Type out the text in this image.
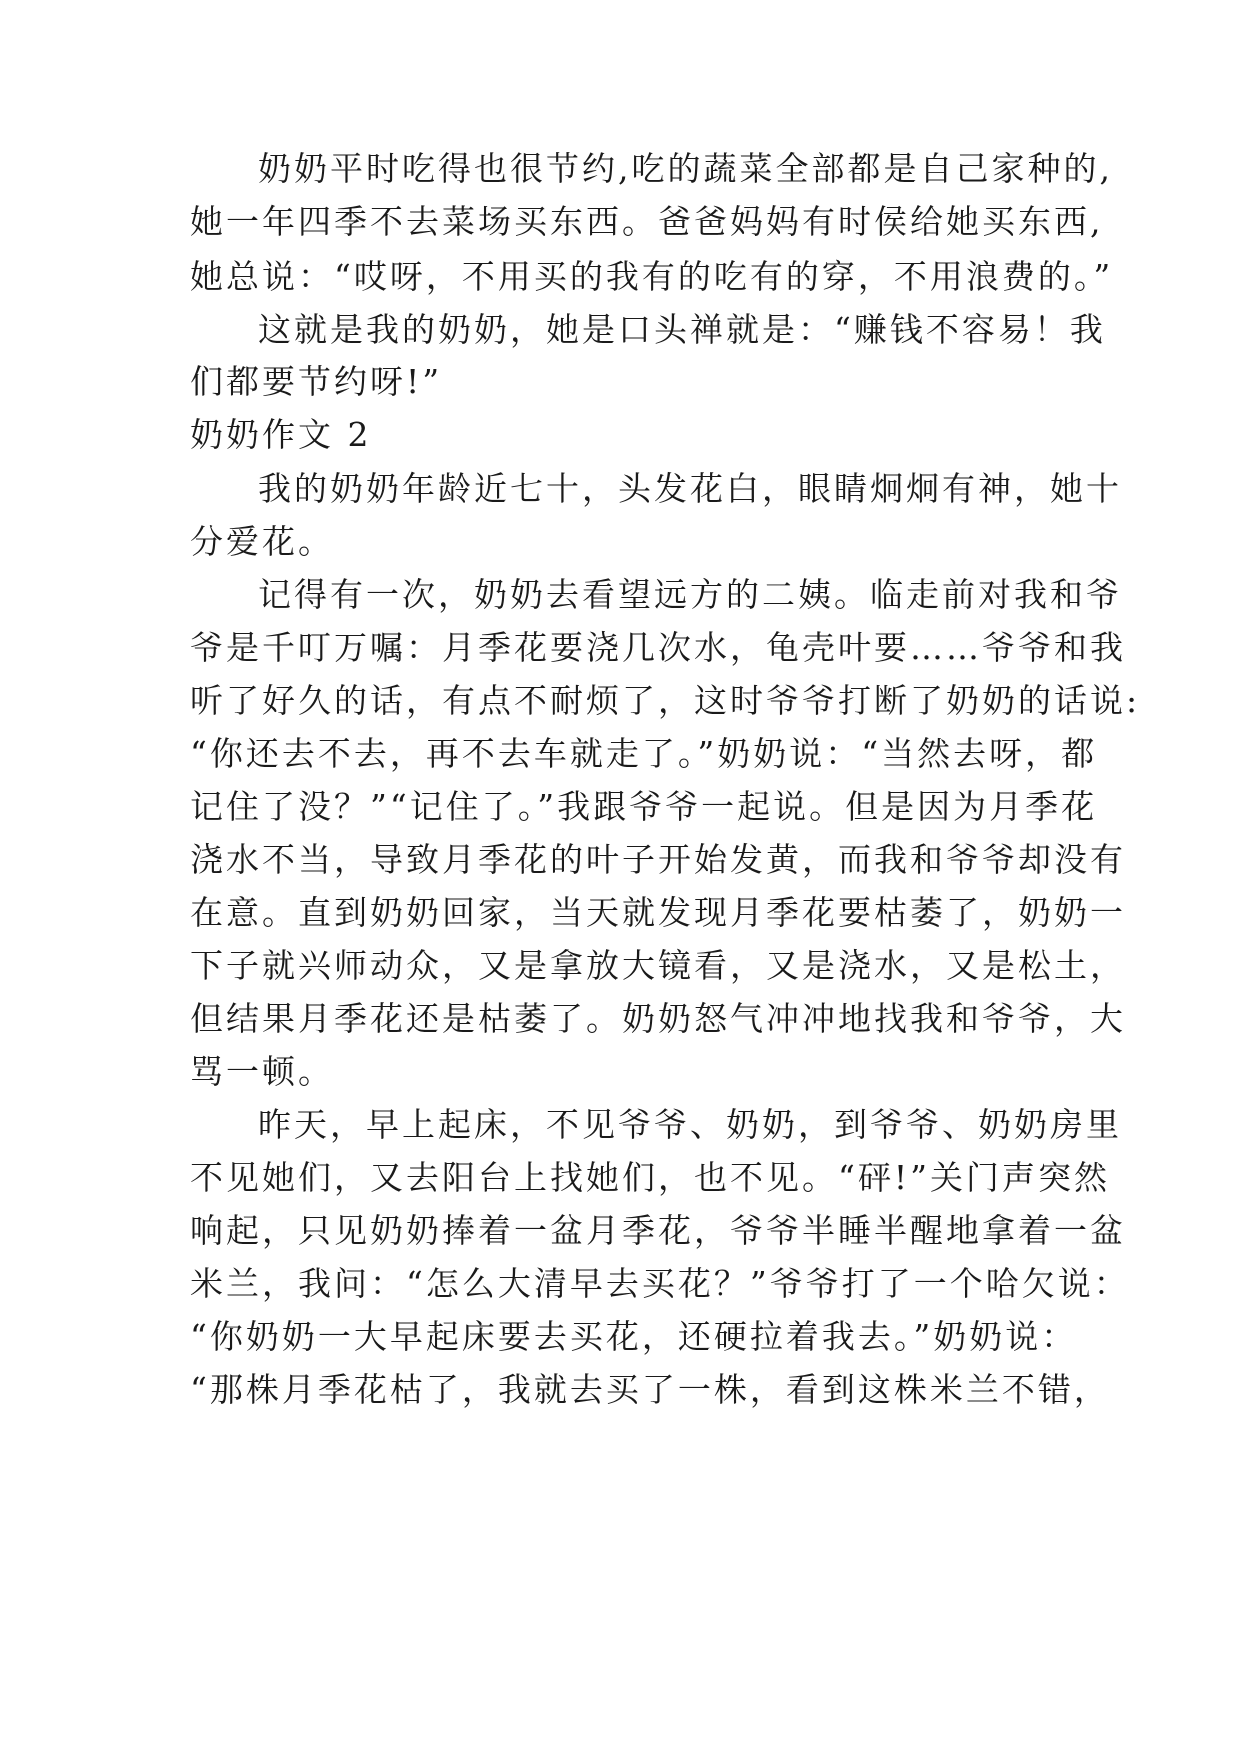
奶奶平时吃得也很节约,吃的蔬菜全部都是自己家种的,
她一年四季不去菜场买东西。爸爸妈妈有时侯给她买东西,
她总说：“哎呀，不用买的我有的吃有的穿，不用浪费的。”
这就是我的奶奶，她是口头禅就是：“赚钱不容易！我
们都要节约呀!”
奶奶作文 2
我的奶奶年龄近七十，头发花白，眼睛炯炯有神，她十
分爱花。
记得有一次，奶奶去看望远方的二姨。临走前对我和爷
爷是千叮万嘱：月季花要浇几次水，龟壳叶要……爷爷和我
听了好久的话，有点不耐烦了，这时爷爷打断了奶奶的话说:
“你还去不去，再不去车就走了。”奶奶说：“当然去呀，都
记住了没？”“记住了。”我跟爷爷一起说。但是因为月季花
浇水不当，导致月季花的叶子开始发黄，而我和爷爷却没有
在意。直到奶奶回家，当天就发现月季花要枯萎了，奶奶一
下子就兴师动众，又是拿放大镜看，又是浇水，又是松土，
但结果月季花还是枯萎了。奶奶怒气冲冲地找我和爷爷，大
骂一顿。
昨天，早上起床，不见爷爷、奶奶，到爷爷、奶奶房里
不见她们，又去阳台上找她们，也不见。“砰!”关门声突然
响起，只见奶奶捧着一盆月季花，爷爷半睡半醒地拿着一盆
米兰，我问：“怎么大清早去买花？”爷爷打了一个哈欠说：
“你奶奶一大早起床要去买花，还硬拉着我去。”奶奶说：
“那株月季花枯了，我就去买了一株，看到这株米兰不错，
